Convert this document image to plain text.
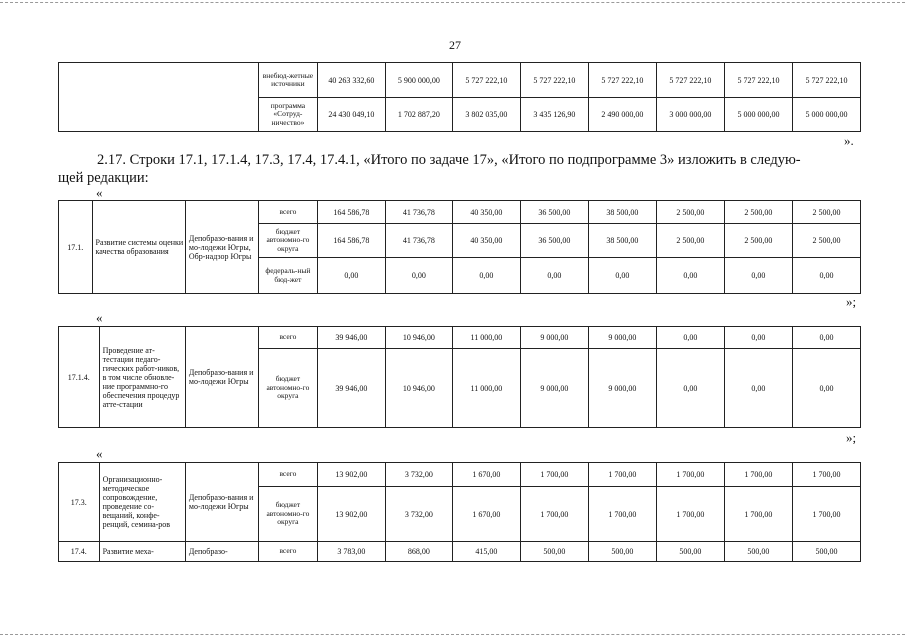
27
	внебюд-жетные источники	40 263 332,60	5 900 000,00	5 727 222,10	5 727 222,10	5 727 222,10	5 727 222,10	5 727 222,10	5 727 222,10
	программа «Сотруд-ничество»	24 430 049,10	1 702 887,20	3 802 035,00	3 435 126,90	2 490 000,00	3 000 000,00	5 000 000,00	5 000 000,00
».
2.17. Строки 17.1, 17.1.4, 17.3, 17.4, 17.4.1, «Итого по задаче 17», «Итого по подпрограмме 3» изложить в следую-
щей редакции:
«
17.1.	Развитие системы оценки качества образования	Депобразо-вания и мо-лодежи Югры, Обр-надзор Югры	всего	164 586,78	41 736,78	40 350,00	36 500,00	38 500,00	2 500,00	2 500,00	2 500,00
			бюджет автономно-го округа	164 586,78	41 736,78	40 350,00	36 500,00	38 500,00	2 500,00	2 500,00	2 500,00
			федераль-ный бюд-жет	0,00	0,00	0,00	0,00	0,00	0,00	0,00	0,00
»;
«
17.1.4.	Проведение ат-тестации педаго-гических работ-ников, в том числе обновле-ние программно-го обеспечения процедур атте-стации	Депобразо-вания и мо-лодежи Югры	всего	39 946,00	10 946,00	11 000,00	9 000,00	9 000,00	0,00	0,00	0,00
			бюджет автономно-го округа	39 946,00	10 946,00	11 000,00	9 000,00	9 000,00	0,00	0,00	0,00
»;
«
17.3.	Организационно-методическое сопровождение, проведение со-вещаний, конфе-ренций, семина-ров	Депобразо-вания и мо-лодежи Югры	всего	13 902,00	3 732,00	1 670,00	1 700,00	1 700,00	1 700,00	1 700,00	1 700,00
			бюджет автономно-го округа	13 902,00	3 732,00	1 670,00	1 700,00	1 700,00	1 700,00	1 700,00	1 700,00
17.4.	Развитие меха-	Депобразо-	всего	3 783,00	868,00	415,00	500,00	500,00	500,00	500,00	500,00
